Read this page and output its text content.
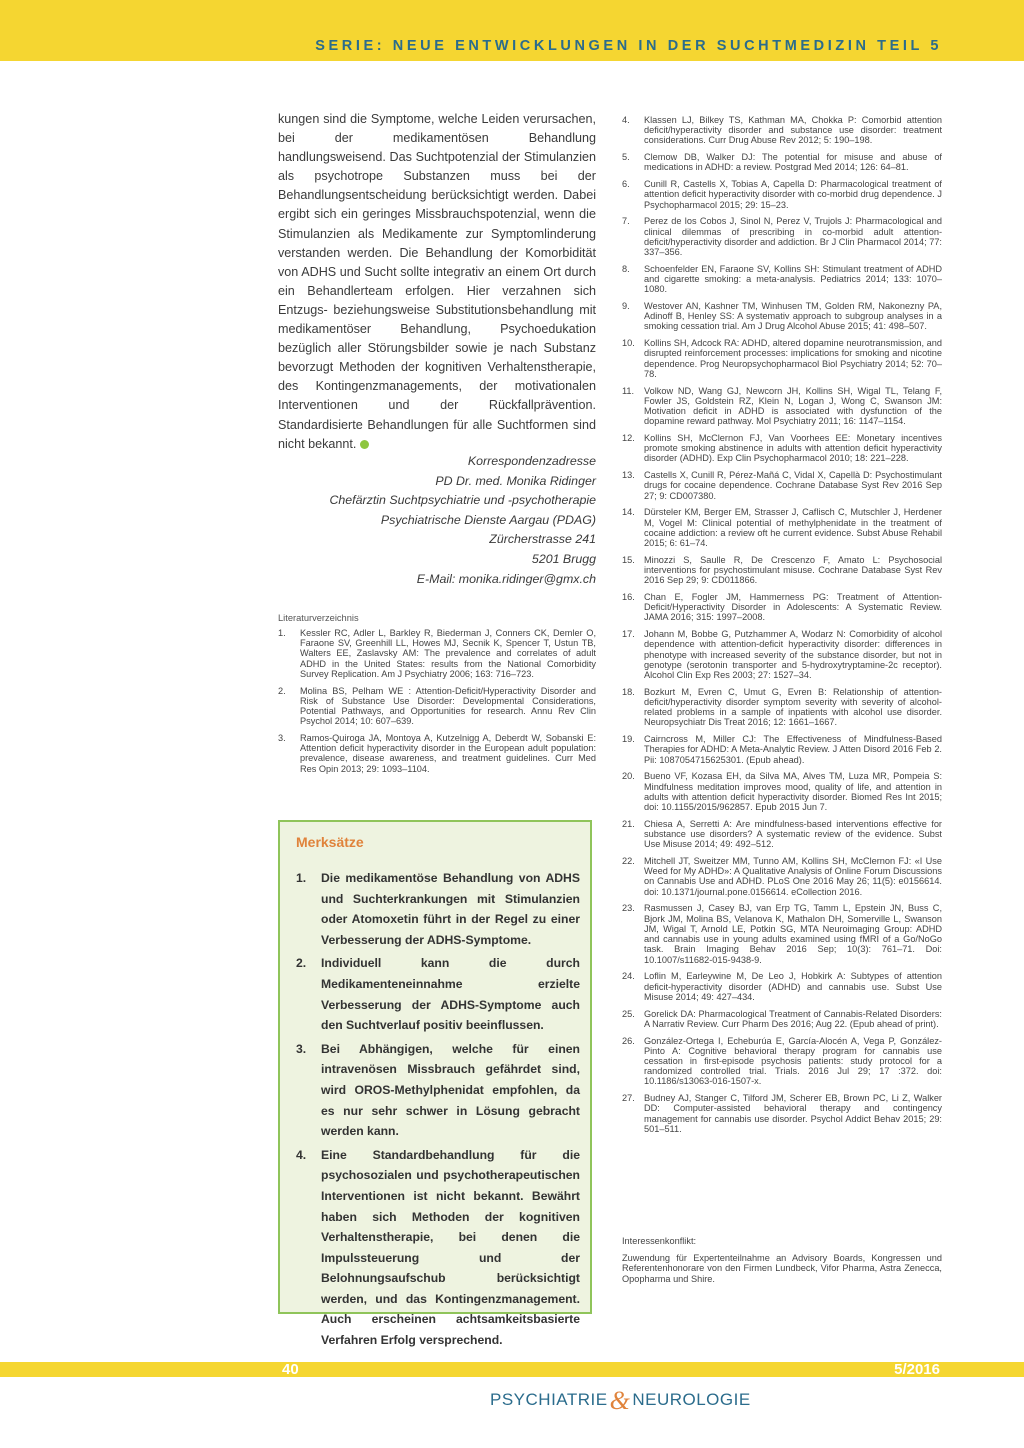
SERIE: NEUE ENTWICKLUNGEN IN DER SUCHTMEDIZIN TEIL 5

kungen sind die Symptome, welche Leiden verursachen, bei der medikamentösen Behandlung handlungsweisend. Das Suchtpotenzial der Stimulanzien als psychotrope Substanzen muss bei der Behandlungsentscheidung berücksichtigt werden. Dabei ergibt sich ein geringes Missbrauchspotenzial, wenn die Stimulanzien als Medikamente zur Symptomlinderung verstanden werden. Die Behandlung der Komorbidität von ADHS und Sucht sollte integrativ an einem Ort durch ein Behandlerteam erfolgen. Hier verzahnen sich Entzugs- beziehungsweise Substitutionsbehandlung mit medikamentöser Behandlung, Psychoedukation bezüglich aller Störungsbilder sowie je nach Substanz bevorzugt Methoden der kognitiven Verhaltenstherapie, des Kontingenzmanagements, der motivationalen Interventionen und der Rückfallprävention. Standardisierte Behandlungen für alle Suchtformen sind nicht bekannt.

Korrespondenzadresse
PD Dr. med. Monika Ridinger
Chefärztin Suchtpsychiatrie und -psychotherapie
Psychiatrische Dienste Aargau (PDAG)
Zürcherstrasse 241
5201 Brugg
E-Mail: monika.ridinger@gmx.ch
Literaturverzeichnis
1.	Kessler RC, Adler L, Barkley R, Biederman J, Conners CK, Demler O, Faraone SV, Greenhill LL, Howes MJ, Secnik K, Spencer T, Ustun TB, Walters EE, Zaslavsky AM: The prevalence and correlates of adult ADHD in the United States: results from the National Comorbidity Survey Replication. Am J Psychiatry 2006; 163: 716–723.
2.	Molina BS, Pelham WE : Attention-Deficit/Hyperactivity Disorder and Risk of Substance Use Disorder: Developmental Considerations, Potential Pathways, and Opportunities for research. Annu Rev Clin Psychol 2014; 10: 607–639.
3.	Ramos-Quiroga JA, Montoya A, Kutzelnigg A, Deberdt W, Sobanski E: Attention deficit hyperactivity disorder in the European adult population: prevalence, disease awareness, and treatment guidelines. Curr Med Res Opin 2013; 29: 1093–1104.
Merksätze
1.	Die medikamentöse Behandlung von ADHS und Suchterkrankungen mit Stimulanzien oder Atomoxetin führt in der Regel zu einer Verbesserung der ADHS-Symptome.
2.	Individuell kann die durch Medikamenteneinnahme erzielte Verbesserung der ADHS-Symptome auch den Suchtverlauf positiv beeinflussen.
3.	Bei Abhängigen, welche für einen intravenösen Missbrauch gefährdet sind, wird OROS-Methylphenidat empfohlen, da es nur sehr schwer in Lösung gebracht werden kann.
4.	Eine Standardbehandlung für die psychosozialen und psychotherapeutischen Interventionen ist nicht bekannt. Bewährt haben sich Methoden der kognitiven Verhaltenstherapie, bei denen die Impulssteuerung und der Belohnungsaufschub berücksichtigt werden, und das Kontingenzmanagement. Auch erscheinen achtsamkeitsbasierte Verfahren Erfolg versprechend.
4.	Klassen LJ, Bilkey TS, Kathman MA, Chokka P: Comorbid attention deficit/hyperactivity disorder and substance use disorder: treatment considerations. Curr Drug Abuse Rev 2012; 5: 190–198.
5.	Clemow DB, Walker DJ: The potential for misuse and abuse of medications in ADHD: a review. Postgrad Med 2014; 126: 64–81.
6.	Cunill R, Castells X, Tobias A, Capella D: Pharmacological treatment of attention deficit hyperactivity disorder with co-morbid drug dependence. J Psychopharmacol 2015; 29: 15–23.
7.	Perez de los Cobos J, Sinol N, Perez V, Trujols J: Pharmacological and clinical dilemmas of prescribing in co-morbid adult attention-deficit/hyperactivity disorder and addiction. Br J Clin Pharmacol 2014; 77: 337–356.
8.	Schoenfelder EN, Faraone SV, Kollins SH: Stimulant treatment of ADHD and cigarette smoking: a meta-analysis. Pediatrics 2014; 133: 1070–1080.
9.	Westover AN, Kashner TM, Winhusen TM, Golden RM, Nakonezny PA, Adinoff B, Henley SS: A systemativ approach to subgroup analyses in a smoking cessation trial. Am J Drug Alcohol Abuse 2015; 41: 498–507.
10.	Kollins SH, Adcock RA: ADHD, altered dopamine neurotransmission, and disrupted reinforcement processes: implications for smoking and nicotine dependence. Prog Neuropsychopharmacol Biol Psychiatry 2014; 52: 70–78.
11.	Volkow ND, Wang GJ, Newcorn JH, Kollins SH, Wigal TL, Telang F, Fowler JS, Goldstein RZ, Klein N, Logan J, Wong C, Swanson JM: Motivation deficit in ADHD is associated with dysfunction of the dopamine reward pathway. Mol Psychiatry 2011; 16: 1147–1154.
12.	Kollins SH, McClernon FJ, Van Voorhees EE: Monetary incentives promote smoking abstinence in adults with attention deficit hyperactivity disorder (ADHD). Exp Clin Psychopharmacol 2010; 18: 221–228.
13.	Castells X, Cunill R, Pérez-Mañá C, Vidal X, Capellà D: Psychostimulant drugs for cocaine dependence. Cochrane Database Syst Rev 2016 Sep 27; 9: CD007380.
14.	Dürsteler KM, Berger EM, Strasser J, Caflisch C, Mutschler J, Herdener M, Vogel M: Clinical potential of methylphenidate in the treatment of cocaine addiction: a review oft he current evidence. Subst Abuse Rehabil 2015; 6: 61–74.
15.	Minozzi S, Saulle R, De Crescenzo F, Amato L: Psychosocial interventions for psychostimulant misuse. Cochrane Database Syst Rev 2016 Sep 29; 9: CD011866.
16.	Chan E, Fogler JM, Hammerness PG: Treatment of Attention-Deficit/Hyperactivity Disorder in Adolescents: A Systematic Review. JAMA 2016; 315: 1997–2008.
17.	Johann M, Bobbe G, Putzhammer A, Wodarz N: Comorbidity of alcohol dependence with attention-deficit hyperactivity disorder: differences in phenotype with increased severity of the substance disorder, but not in genotype (serotonin transporter and 5-hydroxytryptamine-2c receptor). Alcohol Clin Exp Res 2003; 27: 1527–34.
18.	Bozkurt M, Evren C, Umut G, Evren B: Relationship of attention-deficit/hyperactivity disorder symptom severity with severity of alcohol-related problems in a sample of inpatients with alcohol use disorder. Neuropsychiatr Dis Treat 2016; 12: 1661–1667.
19.	Cairncross M, Miller CJ: The Effectiveness of Mindfulness-Based Therapies for ADHD: A Meta-Analytic Review. J Atten Disord 2016 Feb 2. Pii: 1087054715625301. (Epub ahead).
20.	Bueno VF, Kozasa EH, da Silva MA, Alves TM, Luza MR, Pompeia S: Mindfulness meditation improves mood, quality of life, and attention in adults with attention deficit hyperactivity disorder. Biomed Res Int 2015; doi: 10.1155/2015/962857. Epub 2015 Jun 7.
21.	Chiesa A, Serretti A: Are mindfulness-based interventions effective for substance use disorders? A systematic review of the evidence. Subst Use Misuse 2014; 49: 492–512.
22.	Mitchell JT, Sweitzer MM, Tunno AM, Kollins SH, McClernon FJ: «I Use Weed for My ADHD»: A Qualitative Analysis of Online Forum Discussions on Cannabis Use and ADHD. PLoS One 2016 May 26; 11(5): e0156614. doi: 10.1371/journal.pone.0156614. eCollection 2016.
23.	Rasmussen J, Casey BJ, van Erp TG, Tamm L, Epstein JN, Buss C, Bjork JM, Molina BS, Velanova K, Mathalon DH, Somerville L, Swanson JM, Wigal T, Arnold LE, Potkin SG, MTA Neuroimaging Group: ADHD and cannabis use in young adults examined using fMRI of a Go/NoGo task. Brain Imaging Behav 2016 Sep; 10(3): 761–71. Doi: 10.1007/s11682-015-9438-9.
24.	Loflin M, Earleywine M, De Leo J, Hobkirk A: Subtypes of attention deficit-hyperactivity disorder (ADHD) and cannabis use. Subst Use Misuse 2014; 49: 427–434.
25.	Gorelick DA: Pharmacological Treatment of Cannabis-Related Disorders: A Narrativ Review. Curr Pharm Des 2016; Aug 22. (Epub ahead of print).
26.	González-Ortega I, Echeburúa E, García-Alocén A, Vega P, González-Pinto A: Cognitive behavioral therapy program for cannabis use cessation in first-episode psychosis patients: study protocol for a randomized controlled trial. Trials. 2016 Jul 29; 17 :372. doi: 10.1186/s13063-016-1507-x.
27.	Budney AJ, Stanger C, Tilford JM, Scherer EB, Brown PC, Li Z, Walker DD: Computer-assisted behavioral therapy and contingency management for cannabis use disorder. Psychol Addict Behav 2015; 29: 501–511.
Interessenkonflikt:
Zuwendung für Expertenteilnahme an Advisory Boards, Kongressen und Referentenhonorare von den Firmen Lundbeck, Vifor Pharma, Astra Zenecca, Opopharma und Shire.
40	5/2016
PSYCHIATRIE& NEUROLOGIE
